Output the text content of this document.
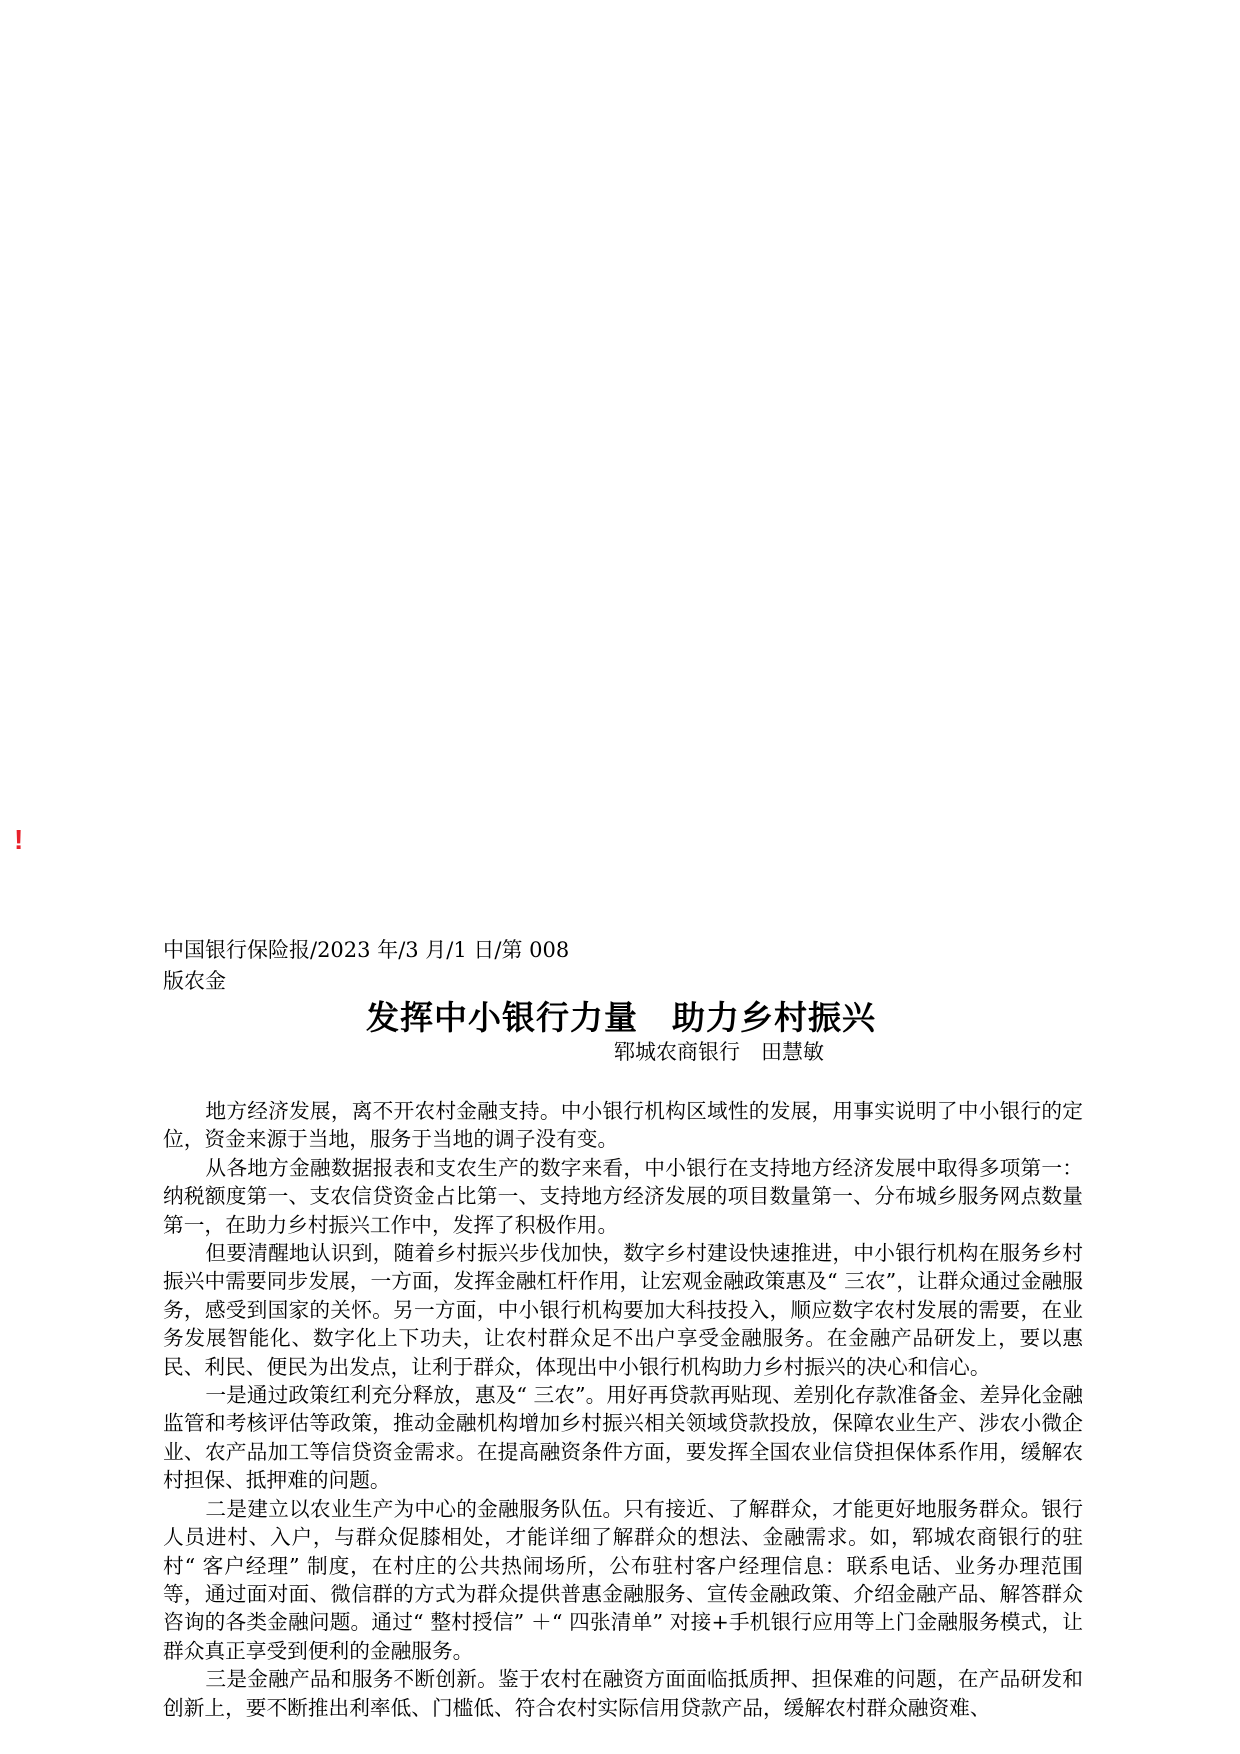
!
中国银行保险报/2023 年/3 月/1 日/第 008
版农金
发挥中小银行力量　助力乡村振兴
郓城农商银行　田慧敏

地方经济发展，离不开农村金融支持。中小银行机构区域性的发展，用事实说明了中小银行的定位，资金来源于当地，服务于当地的调子没有变。

从各地方金融数据报表和支农生产的数字来看，中小银行在支持地方经济发展中取得多项第一：纳税额度第一、支农信贷资金占比第一、支持地方经济发展的项目数量第一、分布城乡服务网点数量第一，在助力乡村振兴工作中，发挥了积极作用。

但要清醒地认识到，随着乡村振兴步伐加快，数字乡村建设快速推进，中小银行机构在服务乡村振兴中需要同步发展，一方面，发挥金融杠杆作用，让宏观金融政策惠及“ 三农”，让群众通过金融服务，感受到国家的关怀。另一方面，中小银行机构要加大科技投入，顺应数字农村发展的需要，在业务发展智能化、数字化上下功夫，让农村群众足不出户享受金融服务。在金融产品研发上，要以惠民、利民、便民为出发点，让利于群众，体现出中小银行机构助力乡村振兴的决心和信心。

一是通过政策红利充分释放，惠及“ 三农”。用好再贷款再贴现、差别化存款准备金、差异化金融监管和考核评估等政策，推动金融机构增加乡村振兴相关领域贷款投放，保障农业生产、涉农小微企业、农产品加工等信贷资金需求。在提高融资条件方面，要发挥全国农业信贷担保体系作用，缓解农村担保、抵押难的问题。

二是建立以农业生产为中心的金融服务队伍。只有接近、了解群众，才能更好地服务群众。银行人员进村、入户，与群众促膝相处，才能详细了解群众的想法、金融需求。如，郓城农商银行的驻村“ 客户经理” 制度，在村庄的公共热闹场所，公布驻村客户经理信息：联系电话、业务办理范围等，通过面对面、微信群的方式为群众提供普惠金融服务、宣传金融政策、介绍金融产品、解答群众咨询的各类金融问题。通过“ 整村授信” ＋“ 四张清单” 对接+手机银行应用等上门金融服务模式，让群众真正享受到便利的金融服务。

三是金融产品和服务不断创新。鉴于农村在融资方面面临抵质押、担保难的问题，在产品研发和创新上，要不断推出利率低、门槛低、符合农村实际信用贷款产品，缓解农村群众融资难、
